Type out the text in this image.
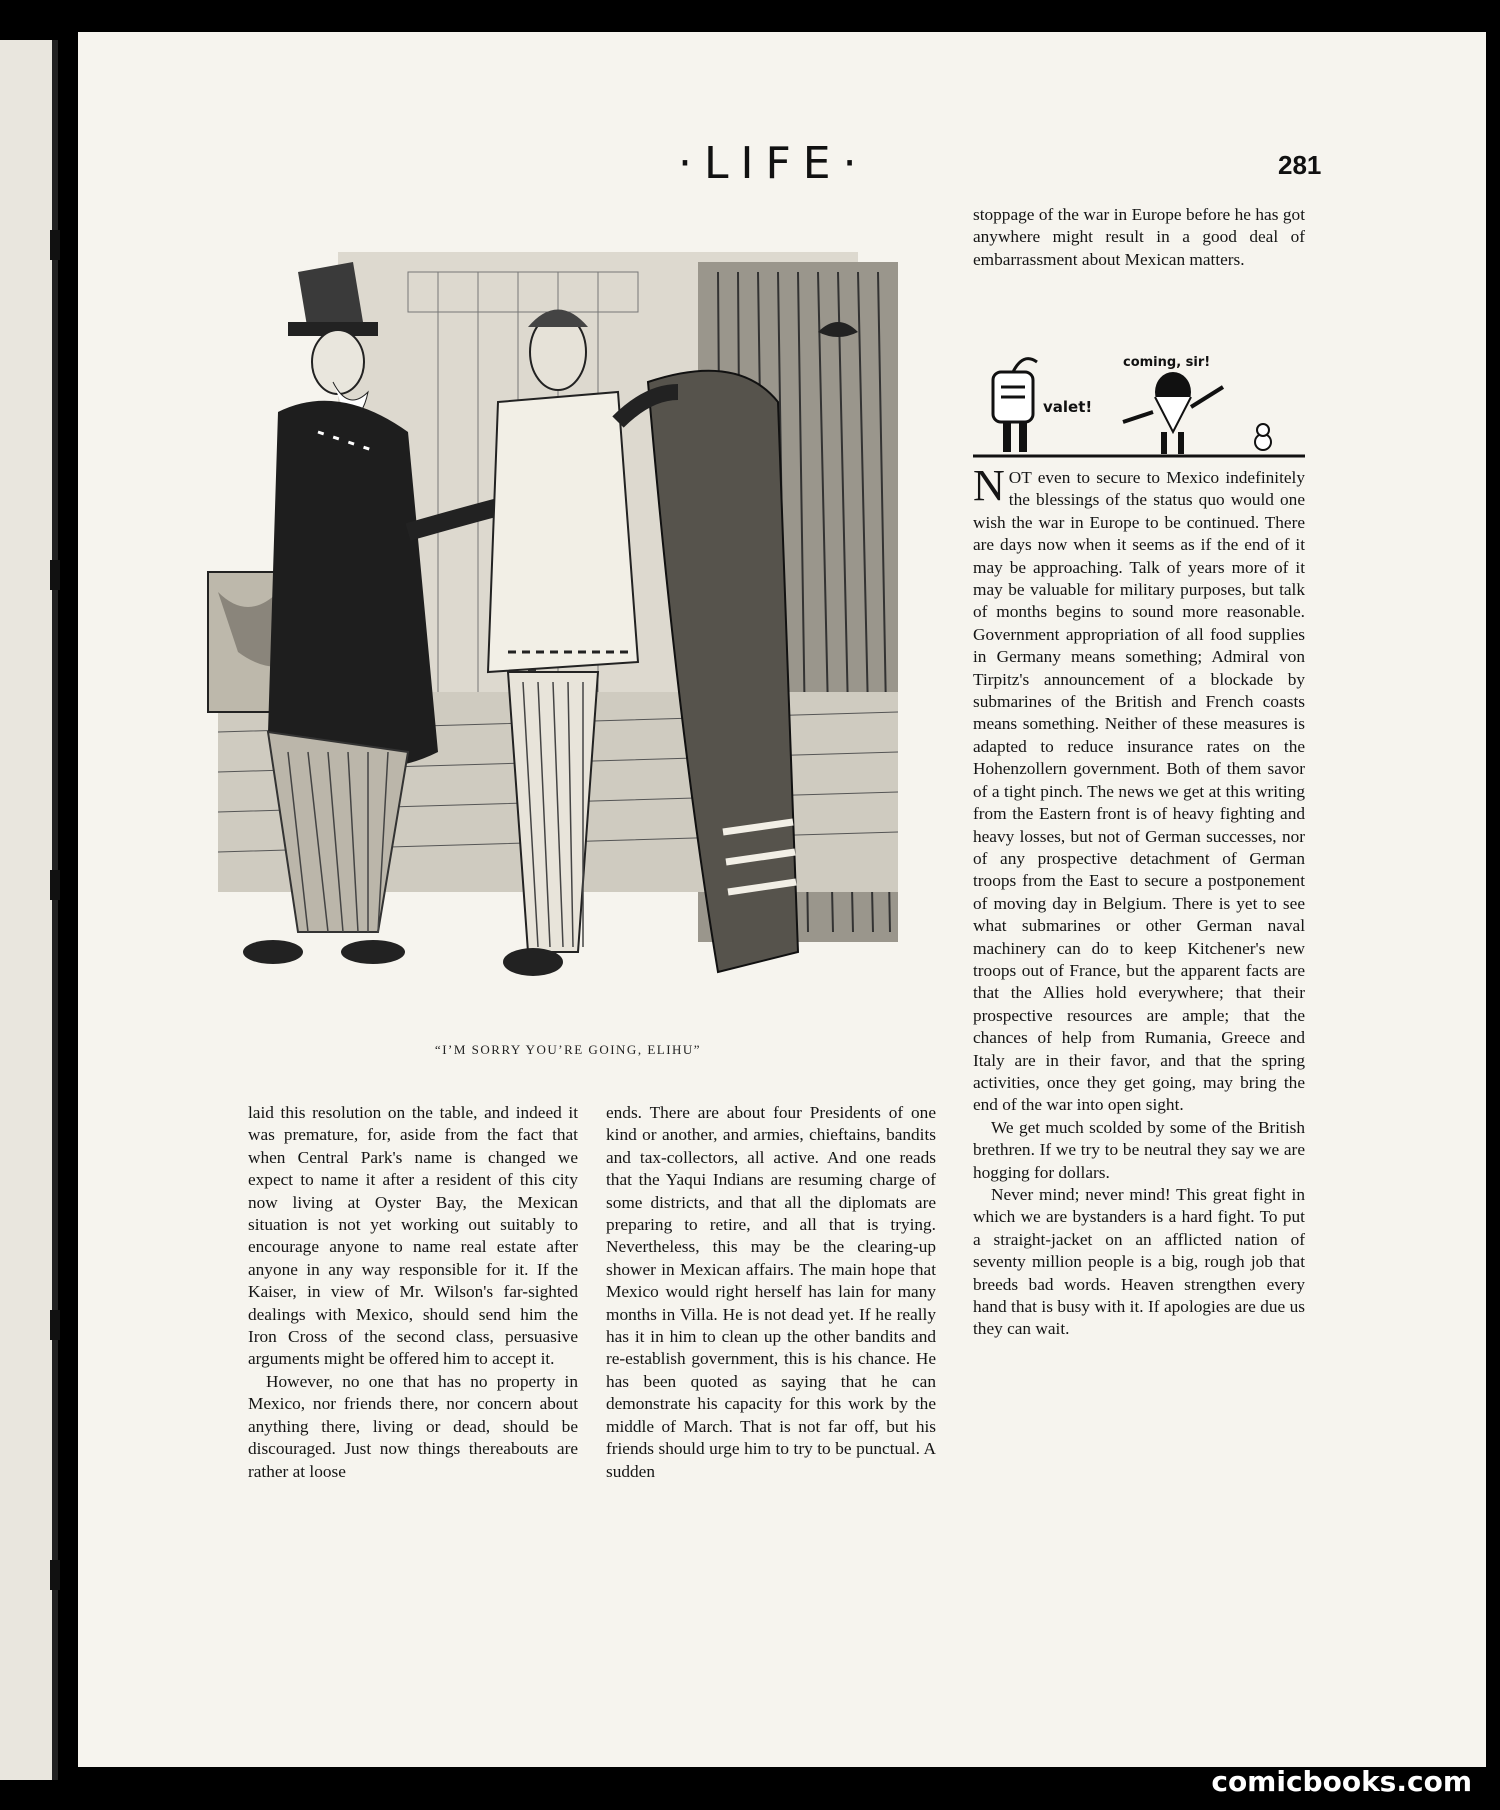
·LIFE·	281
“I’M SORRY YOU’RE GOING, ELIHU”

stoppage of the war in Europe before he has got anywhere might result in a good deal of embarrassment about Mexican matters.

valet!
coming, sir!

NOT even to secure to Mexico indefinitely the blessings of the status quo would one wish the war in Europe to be continued. There are days now when it seems as if the end of it may be approaching. Talk of years more of it may be valuable for military purposes, but talk of months begins to sound more reasonable. Government appropriation of all food supplies in Germany means something; Admiral von Tirpitz's announcement of a blockade by submarines of the British and French coasts means something. Neither of these measures is adapted to reduce insurance rates on the Hohenzollern government. Both of them savor of a tight pinch. The news we get at this writing from the Eastern front is of heavy fighting and heavy losses, but not of German successes, nor of any prospective detachment of German troops from the East to secure a postponement of moving day in Belgium. There is yet to see what submarines or other German naval machinery can do to keep Kitchener's new troops out of France, but the apparent facts are that the Allies hold everywhere; that their prospective resources are ample; that the chances of help from Rumania, Greece and Italy are in their favor, and that the spring activities, once they get going, may bring the end of the war into open sight.

We get much scolded by some of the British brethren. If we try to be neutral they say we are hogging for dollars.

Never mind; never mind! This great fight in which we are bystanders is a hard fight. To put a straight-jacket on an afflicted nation of seventy million people is a big, rough job that breeds bad words. Heaven strengthen every hand that is busy with it. If apologies are due us they can wait.

laid this resolution on the table, and indeed it was premature, for, aside from the fact that when Central Park's name is changed we expect to name it after a resident of this city now living at Oyster Bay, the Mexican situation is not yet working out suitably to encourage anyone to name real estate after anyone in any way responsible for it. If the Kaiser, in view of Mr. Wilson's far-sighted dealings with Mexico, should send him the Iron Cross of the second class, persuasive arguments might be offered him to accept it.

However, no one that has no property in Mexico, nor friends there, nor concern about anything there, living or dead, should be discouraged. Just now things thereabouts are rather at loose

ends. There are about four Presidents of one kind or another, and armies, chieftains, bandits and tax-collectors, all active. And one reads that the Yaqui Indians are resuming charge of some districts, and that all the diplomats are preparing to retire, and all that is trying. Nevertheless, this may be the clearing-up shower in Mexican affairs. The main hope that Mexico would right herself has lain for many months in Villa. He is not dead yet. If he really has it in him to clean up the other bandits and re-establish government, this is his chance. He has been quoted as saying that he can demonstrate his capacity for this work by the middle of March. That is not far off, but his friends should urge him to try to be punctual. A sudden

comicbooks.com
